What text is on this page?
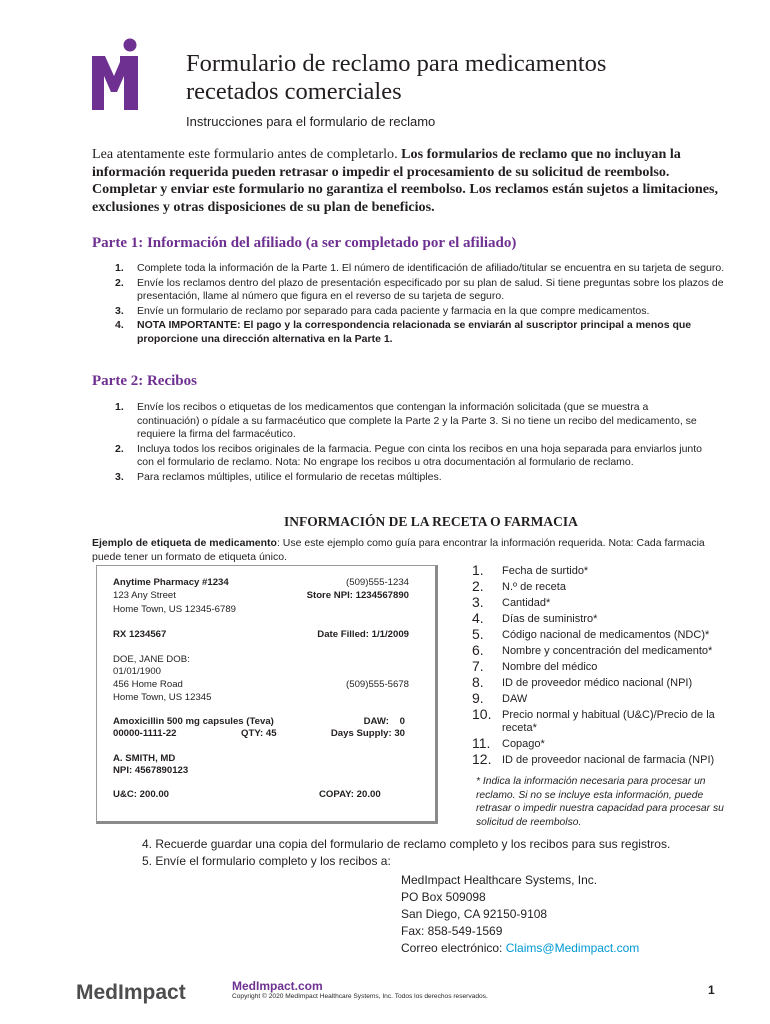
Formulario de reclamo para medicamentos
recetados comerciales
Instrucciones para el formulario de reclamo
Lea atentamente este formulario antes de completarlo. Los formularios de reclamo que no incluyan la información requerida pueden retrasar o impedir el procesamiento de su solicitud de reembolso. Completar y enviar este formulario no garantiza el reembolso. Los reclamos están sujetos a limitaciones, exclusiones y otras disposiciones de su plan de beneficios.
Parte 1: Información del afiliado (a ser completado por el afiliado)
1. Complete toda la información de la Parte 1. El número de identificación de afiliado/titular se encuentra en su tarjeta de seguro.
2. Envíe los reclamos dentro del plazo de presentación especificado por su plan de salud. Si tiene preguntas sobre los plazos de presentación, llame al número que figura en el reverso de su tarjeta de seguro.
3. Envíe un formulario de reclamo por separado para cada paciente y farmacia en la que compre medicamentos.
4. NOTA IMPORTANTE: El pago y la correspondencia relacionada se enviarán al suscriptor principal a menos que proporcione una dirección alternativa en la Parte 1.
Parte 2: Recibos
1. Envíe los recibos o etiquetas de los medicamentos que contengan la información solicitada (que se muestra a continuación) o pídale a su farmacéutico que complete la Parte 2 y la Parte 3. Si no tiene un recibo del medicamento, se requiere la firma del farmacéutico.
2. Incluya todos los recibos originales de la farmacia. Pegue con cinta los recibos en una hoja separada para enviarlos junto con el formulario de reclamo. Nota: No engrape los recibos u otra documentación al formulario de reclamo.
3. Para reclamos múltiples, utilice el formulario de recetas múltiples.
INFORMACIÓN DE LA RECETA O FARMACIA
Ejemplo de etiqueta de medicamento: Use este ejemplo como guía para encontrar la información requerida. Nota: Cada farmacia puede tener un formato de etiqueta único.
Anytime Pharmacy #1234	(509)555-1234
123 Any Street	Store NPI: 1234567890
Home Town, US 12345-6789
RX 1234567	Date Filled: 1/1/2009
DOE, JANE DOB:
01/01/1900
456 Home Road	(509)555-5678
Home Town, US 12345
Amoxicillin 500 mg capsules (Teva)	DAW:    0
00000-1111-22	QTY: 45	Days Supply: 30
A. SMITH, MD
NPI: 4567890123
U&C: 200.00	COPAY: 20.00
1. Fecha de surtido*
2. N.º de receta
3. Cantidad*
4. Días de suministro*
5. Código nacional de medicamentos (NDC)*
6. Nombre y concentración del medicamento*
7. Nombre del médico
8. ID de proveedor médico nacional (NPI)
9. DAW
10. Precio normal y habitual (U&C)/Precio de la receta*
11. Copago*
12. ID de proveedor nacional de farmacia (NPI)
* Indica la información necesaria para procesar un reclamo. Si no se incluye esta información, puede retrasar o impedir nuestra capacidad para procesar su solicitud de reembolso.
4. Recuerde guardar una copia del formulario de reclamo completo y los recibos para sus registros.
5. Envíe el formulario completo y los recibos a:
MedImpact Healthcare Systems, Inc.
PO Box 509098
San Diego, CA 92150-9108
Fax: 858-549-1569
Correo electrónico: Claims@Medimpact.com
MedImpact	MedImpact.com
Copyright © 2020 MedImpact Healthcare Systems, Inc. Todos los derechos reservados.	1
